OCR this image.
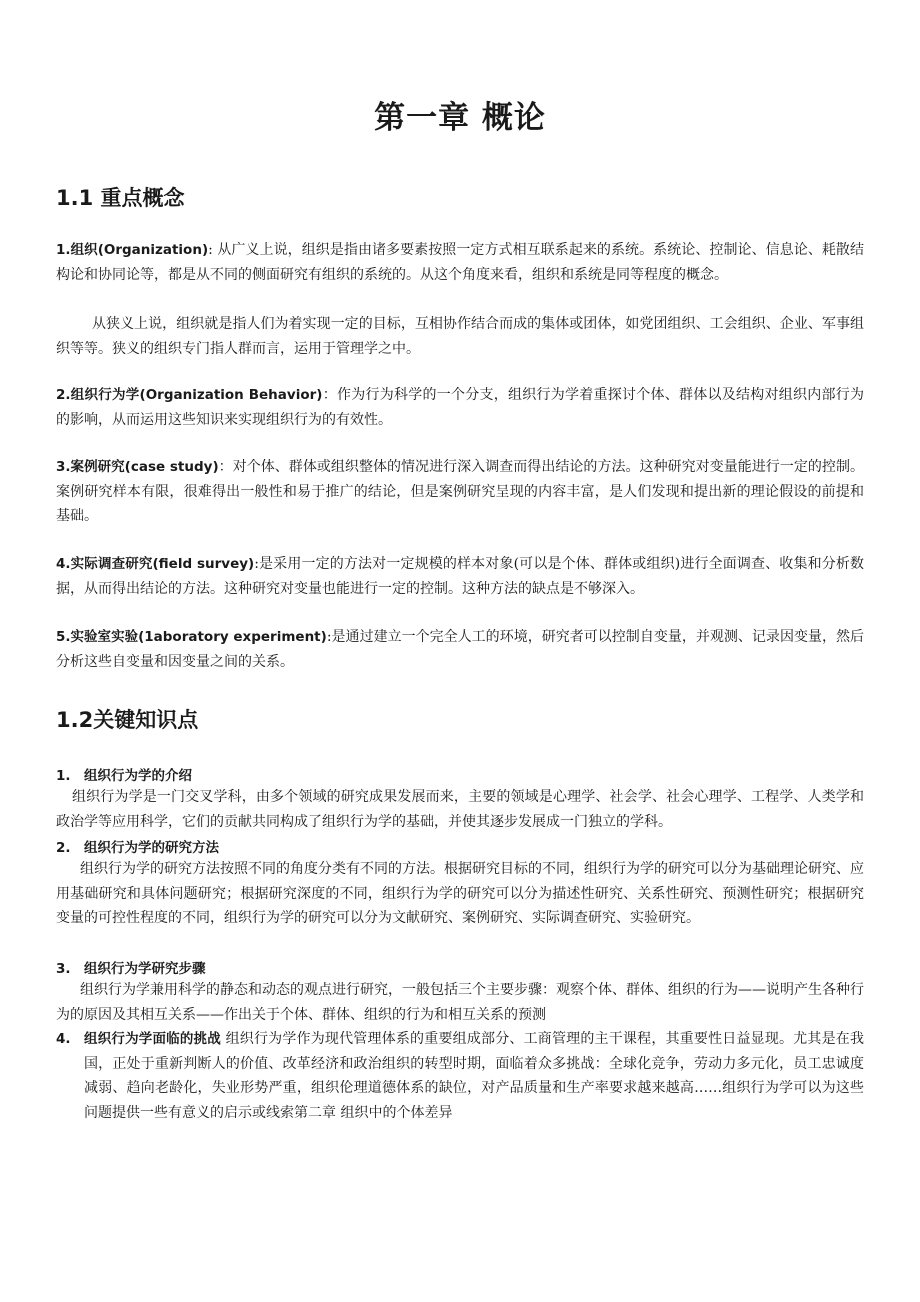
第一章 概论
1.1 重点概念
1.组织(Organization): 从广义上说，组织是指由诸多要素按照一定方式相互联系起来的系统。系统论、控制论、信息论、耗散结构论和协同论等，都是从不同的侧面研究有组织的系统的。从这个角度来看，组织和系统是同等程度的概念。
从狭义上说，组织就是指人们为着实现一定的目标，互相协作结合而成的集体或团体，如党团组织、工会组织、企业、军事组织等等。狭义的组织专门指人群而言，运用于管理学之中。
2.组织行为学(Organization Behavior)：作为行为科学的一个分支，组织行为学着重探讨个体、群体以及结构对组织内部行为的影响，从而运用这些知识来实现组织行为的有效性。
3.案例研究(case study)：对个体、群体或组织整体的情况进行深入调查而得出结论的方法。这种研究对变量能进行一定的控制。案例研究样本有限，很难得出一般性和易于推广的结论，但是案例研究呈现的内容丰富，是人们发现和提出新的理论假设的前提和基础。
4.实际调查研究(field survey):是采用一定的方法对一定规模的样本对象(可以是个体、群体或组织)进行全面调查、收集和分析数据，从而得出结论的方法。这种研究对变量也能进行一定的控制。这种方法的缺点是不够深入。
5.实验室实验(1aboratory experiment):是通过建立一个完全人工的环境，研究者可以控制自变量，并观测、记录因变量，然后分析这些自变量和因变量之间的关系。
1.2关键知识点
1. 组织行为学的介绍
组织行为学是一门交叉学科，由多个领域的研究成果发展而来，主要的领域是心理学、社会学、社会心理学、工程学、人类学和政治学等应用科学，它们的贡献共同构成了组织行为学的基础，并使其逐步发展成一门独立的学科。
2. 组织行为学的研究方法
组织行为学的研究方法按照不同的角度分类有不同的方法。根据研究目标的不同，组织行为学的研究可以分为基础理论研究、应用基础研究和具体问题研究；根据研究深度的不同，组织行为学的研究可以分为描述性研究、关系性研究、预测性研究；根据研究变量的可控性程度的不同，组织行为学的研究可以分为文献研究、案例研究、实际调查研究、实验研究。
3. 组织行为学研究步骤
组织行为学兼用科学的静态和动态的观点进行研究，一般包括三个主要步骤：观察个体、群体、组织的行为——说明产生各种行为的原因及其相互关系——作出关于个体、群体、组织的行为和相互关系的预测
4. 组织行为学面临的挑战 组织行为学作为现代管理体系的重要组成部分、工商管理的主干课程，其重要性日益显现。尤其是在我国，正处于重新判断人的价值、改革经济和政治组织的转型时期，面临着众多挑战：全球化竞争，劳动力多元化，员工忠诚度减弱、趋向老龄化，失业形势严重，组织伦理道德体系的缺位，对产品质量和生产率要求越来越高……组织行为学可以为这些问题提供一些有意义的启示或线索第二章 组织中的个体差异
